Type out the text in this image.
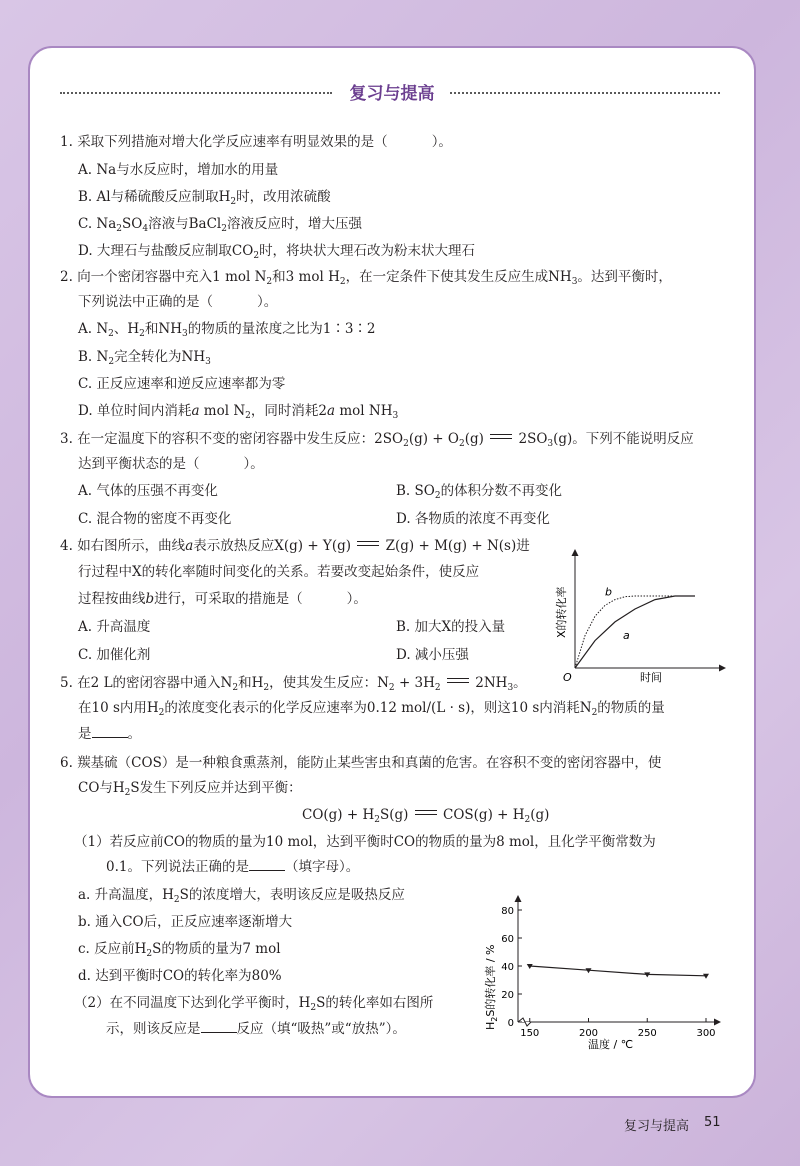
复习与提高
1. 采取下列措施对增大化学反应速率有明显效果的是（	）。
A. Na与水反应时，增加水的用量
B. Al与稀硫酸反应制取$H_2$时，改用浓硫酸
C. $Na_2SO_4$溶液与BaCl$_2$溶液反应时，增大压强
D. 大理石与盐酸反应制取$CO_2$时，将块状大理石改为粉末状大理石
2. 向一个密闭容器中充入1 mol $N_2$和3 mol $H_2$，在一定条件下使其发生反应生成$NH_3$。达到平衡时，
下列说法中正确的是（	）。
A. $N_2$、$H_2$和$NH_3$的物质的量浓度之比为1∶3∶2
B. $N_2$完全转化为$NH_3$
C. 正反应速率和逆反应速率都为零
D. 单位时间内消耗a mol $N_2$，同时消耗2a mol $NH_3$
3. 在一定温度下的容积不变的密闭容器中发生反应：$2SO_2(g) + O_2(g)$	$2SO_3(g)$。下列不能说明反应
达到平衡状态的是（	）。
A. 气体的压强不再变化	B. $SO_2$的体积分数不再变化
C. 混合物的密度不再变化	D. 各物质的浓度不再变化
4. 如右图所示，曲线a表示放热反应X(g) + Y(g)	Z(g) + M(g) + N(s)进
行过程中X的转化率随时间变化的关系。若要改变起始条件，使反应
过程按曲线b进行，可采取的措施是（	）。
A. 升高温度	B. 加大X的投入量
C. 加催化剂	D. 减小压强
O	时间
X的转化率	b
a
5. 在2 L的密闭容器中通入$N_2$和$H_2$，使其发生反应：$N_2 + 3H_2$	$2NH_3$。
在10 s内用$H_2$的浓度变化表示的化学反应速率为0.12 mol/(L · s)，则这10 s内消耗$N_2$的物质的量
是	。
6. 羰基硫（COS）是一种粮食熏蒸剂，能防止某些害虫和真菌的危害。在容积不变的密闭容器中，使
CO与$H_2S$发生下列反应并达到平衡：
$CO(g) + H_2S(g)$	$COS(g) + H_2(g)$
（1）若反应前CO的物质的量为10 mol，达到平衡时CO的物质的量为8 mol，且化学平衡常数为
0.1。下列说法正确的是	（填字母）。
a. 升高温度，$H_2S$的浓度增大，表明该反应是吸热反应
b. 通入CO后，正反应速率逐渐增大
c. 反应前$H_2S$的物质的量为7 mol
d. 达到平衡时CO的转化率为80%
（2）在不同温度下达到化学平衡时，$H_2S$的转化率如右图所
示，则该反应是	反应（填“吸热”或“放热”）。	0
20
40
60
80
150	200	250	300
$H_2S$的转化率 / %
温度 / ℃
复习与提高 51
